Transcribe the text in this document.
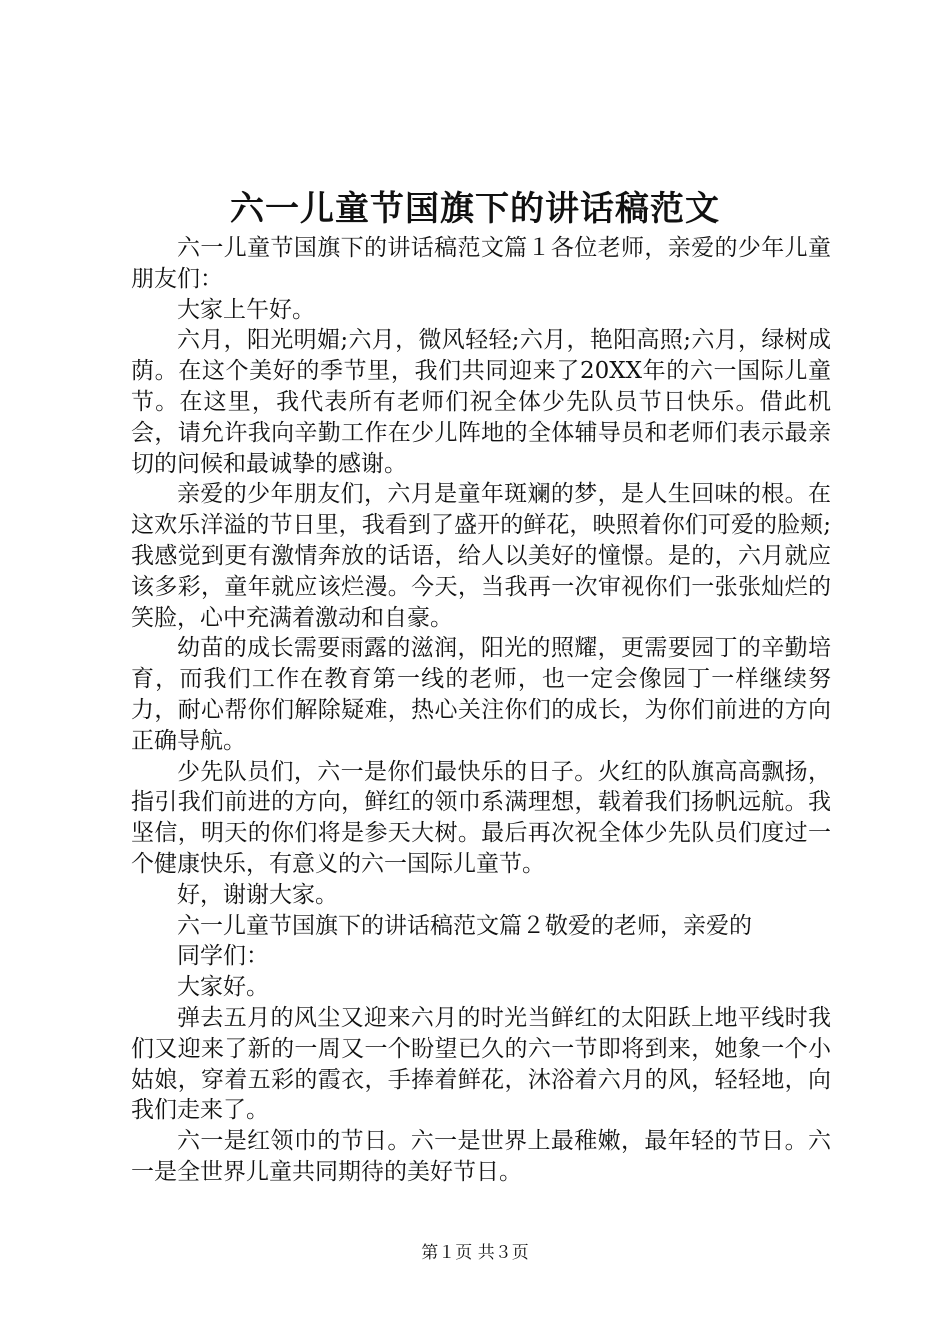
六一儿童节国旗下的讲话稿范文

六一儿童节国旗下的讲话稿范文篇１各位老师，亲爱的少年儿童朋友们：

大家上午好。

六月，阳光明媚;六月，微风轻轻;六月，艳阳高照;六月，绿树成荫。在这个美好的季节里，我们共同迎来了20XX年的六一国际儿童节。在这里，我代表所有老师们祝全体少先队员节日快乐。借此机会，请允许我向辛勤工作在少儿阵地的全体辅导员和老师们表示最亲切的问候和最诚挚的感谢。

亲爱的少年朋友们，六月是童年斑斓的梦，是人生回味的根。在这欢乐洋溢的节日里，我看到了盛开的鲜花，映照着你们可爱的脸颊;我感觉到更有激情奔放的话语，给人以美好的憧憬。是的，六月就应该多彩，童年就应该烂漫。今天，当我再一次审视你们一张张灿烂的笑脸，心中充满着激动和自豪。

幼苗的成长需要雨露的滋润，阳光的照耀，更需要园丁的辛勤培育，而我们工作在教育第一线的老师，也一定会像园丁一样继续努力，耐心帮你们解除疑难，热心关注你们的成长，为你们前进的方向正确导航。

少先队员们，六一是你们最快乐的日子。火红的队旗高高飘扬，指引我们前进的方向，鲜红的领巾系满理想，载着我们扬帆远航。我坚信，明天的你们将是参天大树。最后再次祝全体少先队员们度过一个健康快乐，有意义的六一国际儿童节。

好，谢谢大家。

六一儿童节国旗下的讲话稿范文篇２敬爱的老师，亲爱的

同学们：

大家好。

弹去五月的风尘又迎来六月的时光当鲜红的太阳跃上地平线时我们又迎来了新的一周又一个盼望已久的六一节即将到来，她象一个小姑娘，穿着五彩的霞衣，手捧着鲜花，沐浴着六月的风，轻轻地，向我们走来了。

六一是红领巾的节日。六一是世界上最稚嫩，最年轻的节日。六一是全世界儿童共同期待的美好节日。

第１页 共３页
